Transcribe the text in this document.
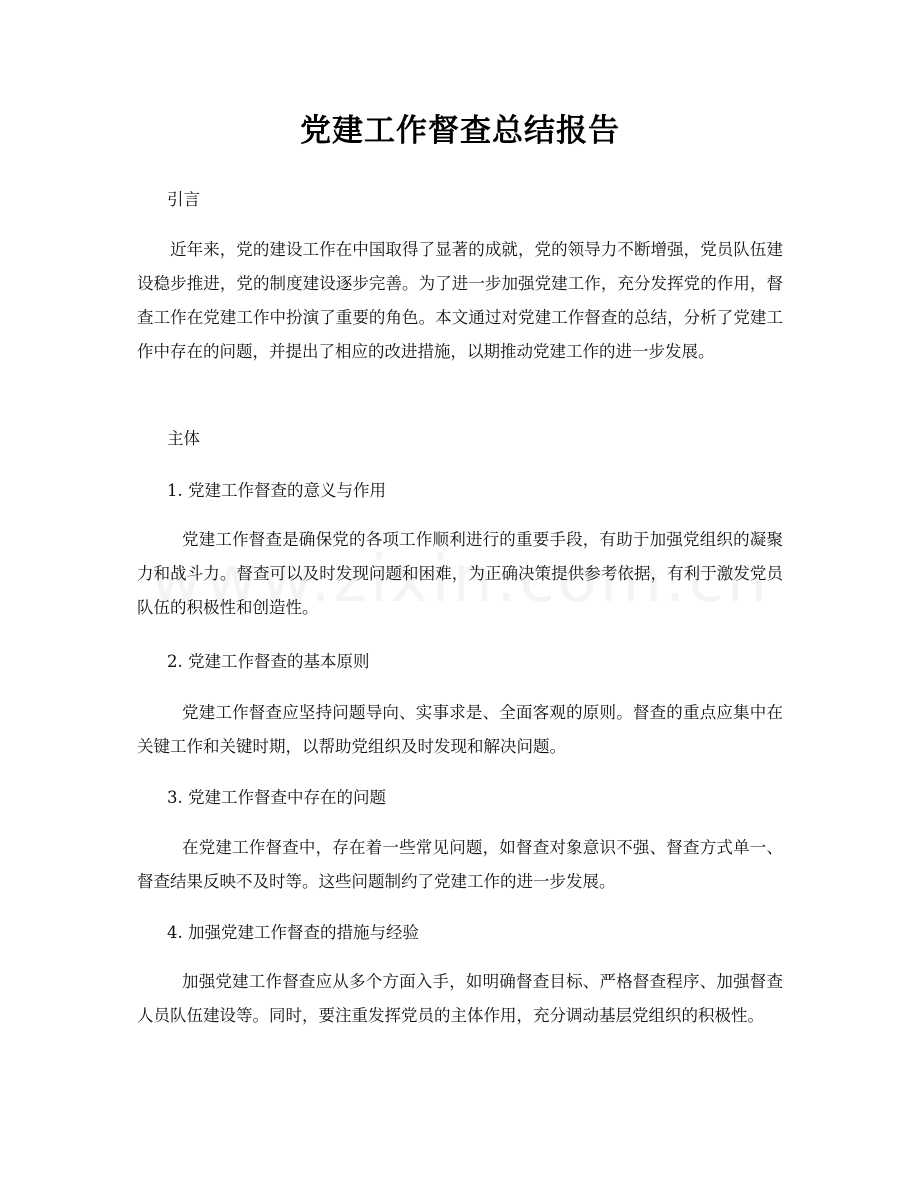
党建工作督查总结报告
引言
近年来，党的建设工作在中国取得了显著的成就，党的领导力不断增强，党员队伍建设稳步推进，党的制度建设逐步完善。为了进一步加强党建工作，充分发挥党的作用，督查工作在党建工作中扮演了重要的角色。本文通过对党建工作督查的总结，分析了党建工作中存在的问题，并提出了相应的改进措施，以期推动党建工作的进一步发展。
主体
1. 党建工作督查的意义与作用
党建工作督查是确保党的各项工作顺利进行的重要手段，有助于加强党组织的凝聚力和战斗力。督查可以及时发现问题和困难，为正确决策提供参考依据，有利于激发党员队伍的积极性和创造性。
2. 党建工作督查的基本原则
党建工作督查应坚持问题导向、实事求是、全面客观的原则。督查的重点应集中在关键工作和关键时期，以帮助党组织及时发现和解决问题。
3. 党建工作督查中存在的问题
在党建工作督查中，存在着一些常见问题，如督查对象意识不强、督查方式单一、督查结果反映不及时等。这些问题制约了党建工作的进一步发展。
4. 加强党建工作督查的措施与经验
加强党建工作督查应从多个方面入手，如明确督查目标、严格督查程序、加强督查人员队伍建设等。同时，要注重发挥党员的主体作用，充分调动基层党组织的积极性。
